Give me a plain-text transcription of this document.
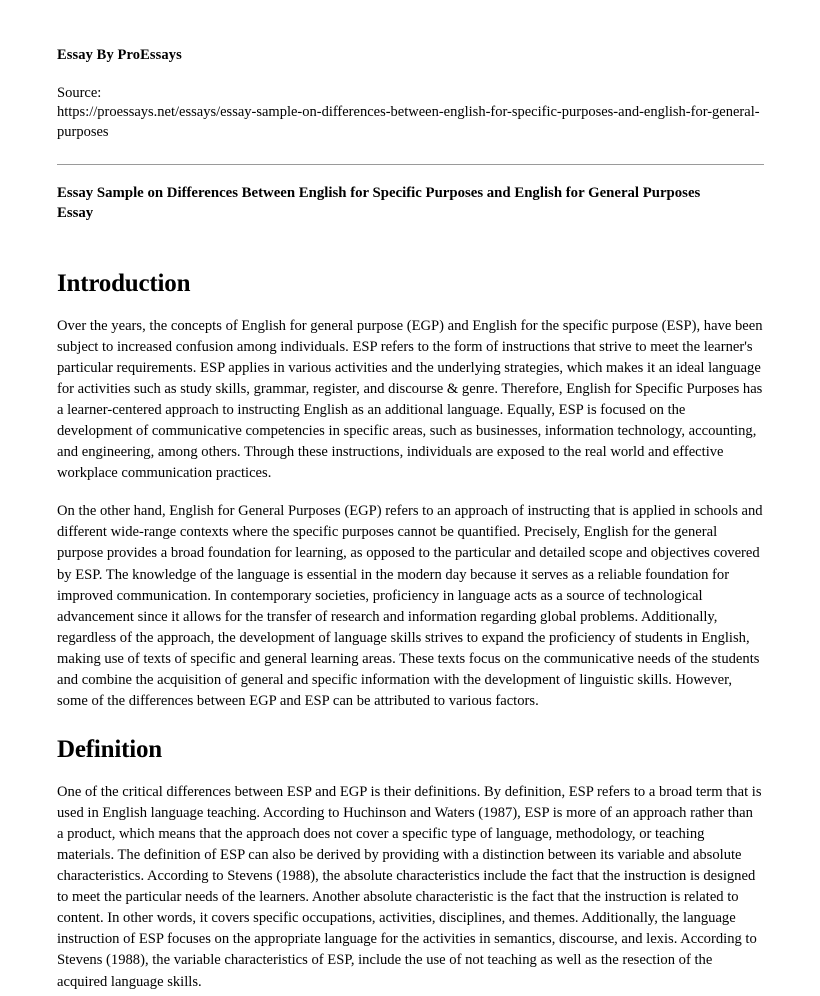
Essay By ProEssays
Source:
https://proessays.net/essays/essay-sample-on-differences-between-english-for-specific-purposes-and-english-for-general-purposes
Essay Sample on Differences Between English for Specific Purposes and English for General Purposes Essay
Introduction

Over the years, the concepts of English for general purpose (EGP) and English for the specific purpose (ESP), have been subject to increased confusion among individuals. ESP refers to the form of instructions that strive to meet the learner's particular requirements. ESP applies in various activities and the underlying strategies, which makes it an ideal language for activities such as study skills, grammar, register, and discourse & genre. Therefore, English for Specific Purposes has a learner-centered approach to instructing English as an additional language. Equally, ESP is focused on the development of communicative competencies in specific areas, such as businesses, information technology, accounting, and engineering, among others. Through these instructions, individuals are exposed to the real world and effective workplace communication practices.

On the other hand, English for General Purposes (EGP) refers to an approach of instructing that is applied in schools and different wide-range contexts where the specific purposes cannot be quantified. Precisely, English for the general purpose provides a broad foundation for learning, as opposed to the particular and detailed scope and objectives covered by ESP. The knowledge of the language is essential in the modern day because it serves as a reliable foundation for improved communication. In contemporary societies, proficiency in language acts as a source of technological advancement since it allows for the transfer of research and information regarding global problems. Additionally, regardless of the approach, the development of language skills strives to expand the proficiency of students in English, making use of texts of specific and general learning areas. These texts focus on the communicative needs of the students and combine the acquisition of general and specific information with the development of linguistic skills. However, some of the differences between EGP and ESP can be attributed to various factors.

Definition

One of the critical differences between ESP and EGP is their definitions. By definition, ESP refers to a broad term that is used in English language teaching. According to Huchinson and Waters (1987), ESP is more of an approach rather than a product, which means that the approach does not cover a specific type of language, methodology, or teaching materials. The definition of ESP can also be derived by providing with a distinction between its variable and absolute characteristics. According to Stevens (1988), the absolute characteristics include the fact that the instruction is designed to meet the particular needs of the learners. Another absolute characteristic is the fact that the instruction is related to content. In other words, it covers specific occupations, activities, disciplines, and themes. Additionally, the language instruction of ESP focuses on the appropriate language for the activities in semantics, discourse, and lexis. According to Stevens (1988), the variable characteristics of ESP, include the use of not teaching as well as the resection of the acquired language skills.
